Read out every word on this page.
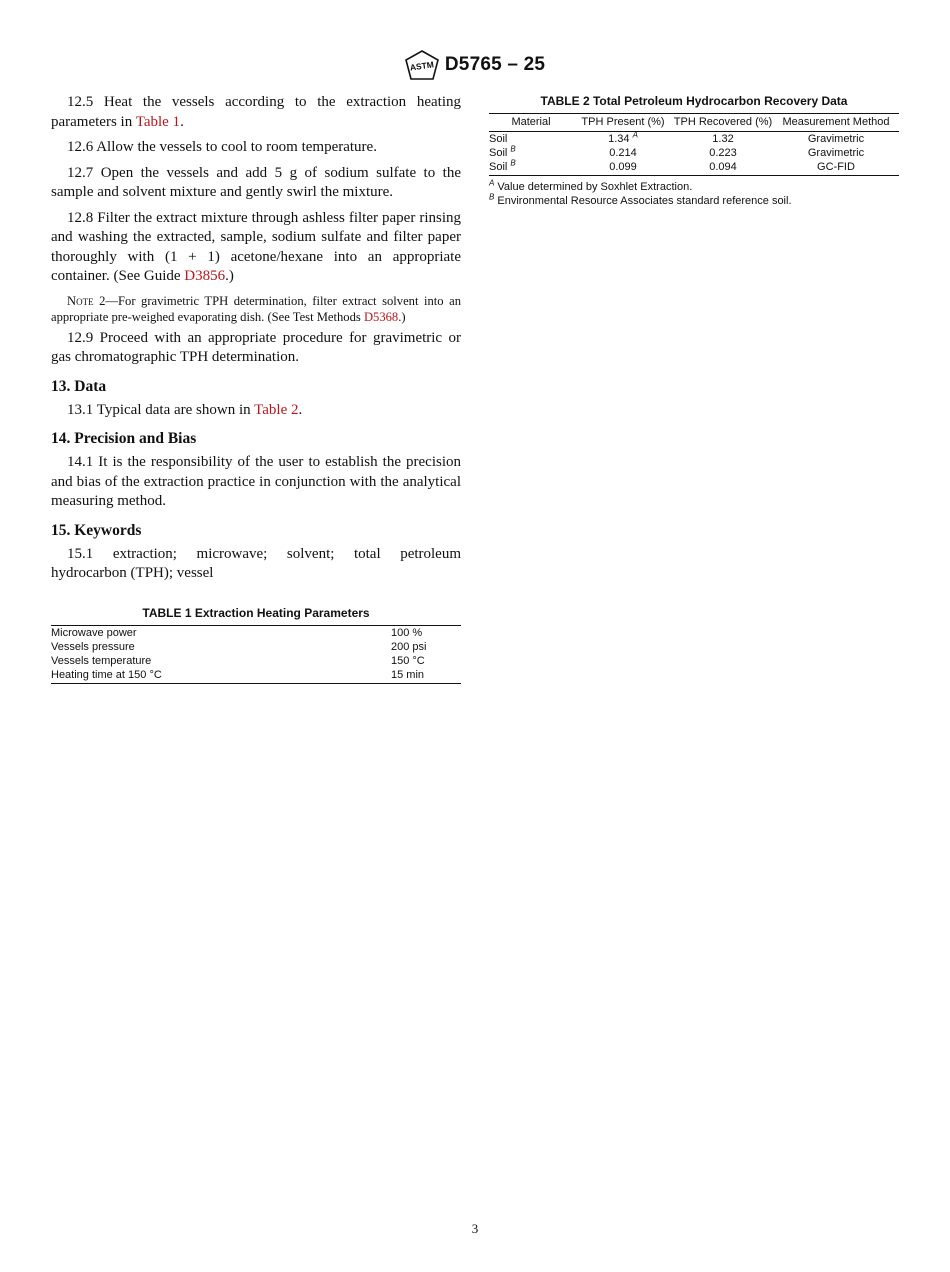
ASTM D5765 – 25

12.5 Heat the vessels according to the extraction heating parameters in Table 1.

12.6 Allow the vessels to cool to room temperature.

12.7 Open the vessels and add 5 g of sodium sulfate to the sample and solvent mixture and gently swirl the mixture.

12.8 Filter the extract mixture through ashless filter paper rinsing and washing the extracted, sample, sodium sulfate and filter paper thoroughly with (1 + 1) acetone/hexane into an appropriate container. (See Guide D3856.)

Note 2—For gravimetric TPH determination, filter extract solvent into an appropriate pre-weighed evaporating dish. (See Test Methods D5368.)

12.9 Proceed with an appropriate procedure for gravimetric or gas chromatographic TPH determination.

13. Data

13.1 Typical data are shown in Table 2.

14. Precision and Bias

14.1 It is the responsibility of the user to establish the precision and bias of the extraction practice in conjunction with the analytical measuring method.

15. Keywords

15.1 extraction; microwave; solvent; total petroleum hydrocarbon (TPH); vessel

TABLE 1 Extraction Heating Parameters

Microwave power	100 %
Vessels pressure	200 psi
Vessels temperature	150 °C
Heating time at 150 °C	15 min
TABLE 2 Total Petroleum Hydrocarbon Recovery Data
Material	TPH Present (%)	TPH Recovered (%)	Measurement Method
Soil	1.34 $^A$	1.32	Gravimetric
Soil $^B$	0.214	0.223	Gravimetric
Soil $^B$	0.099	0.094	GC-FID
$^A$ Value determined by Soxhlet Extraction.
$^B$ Environmental Resource Associates standard reference soil.
3
